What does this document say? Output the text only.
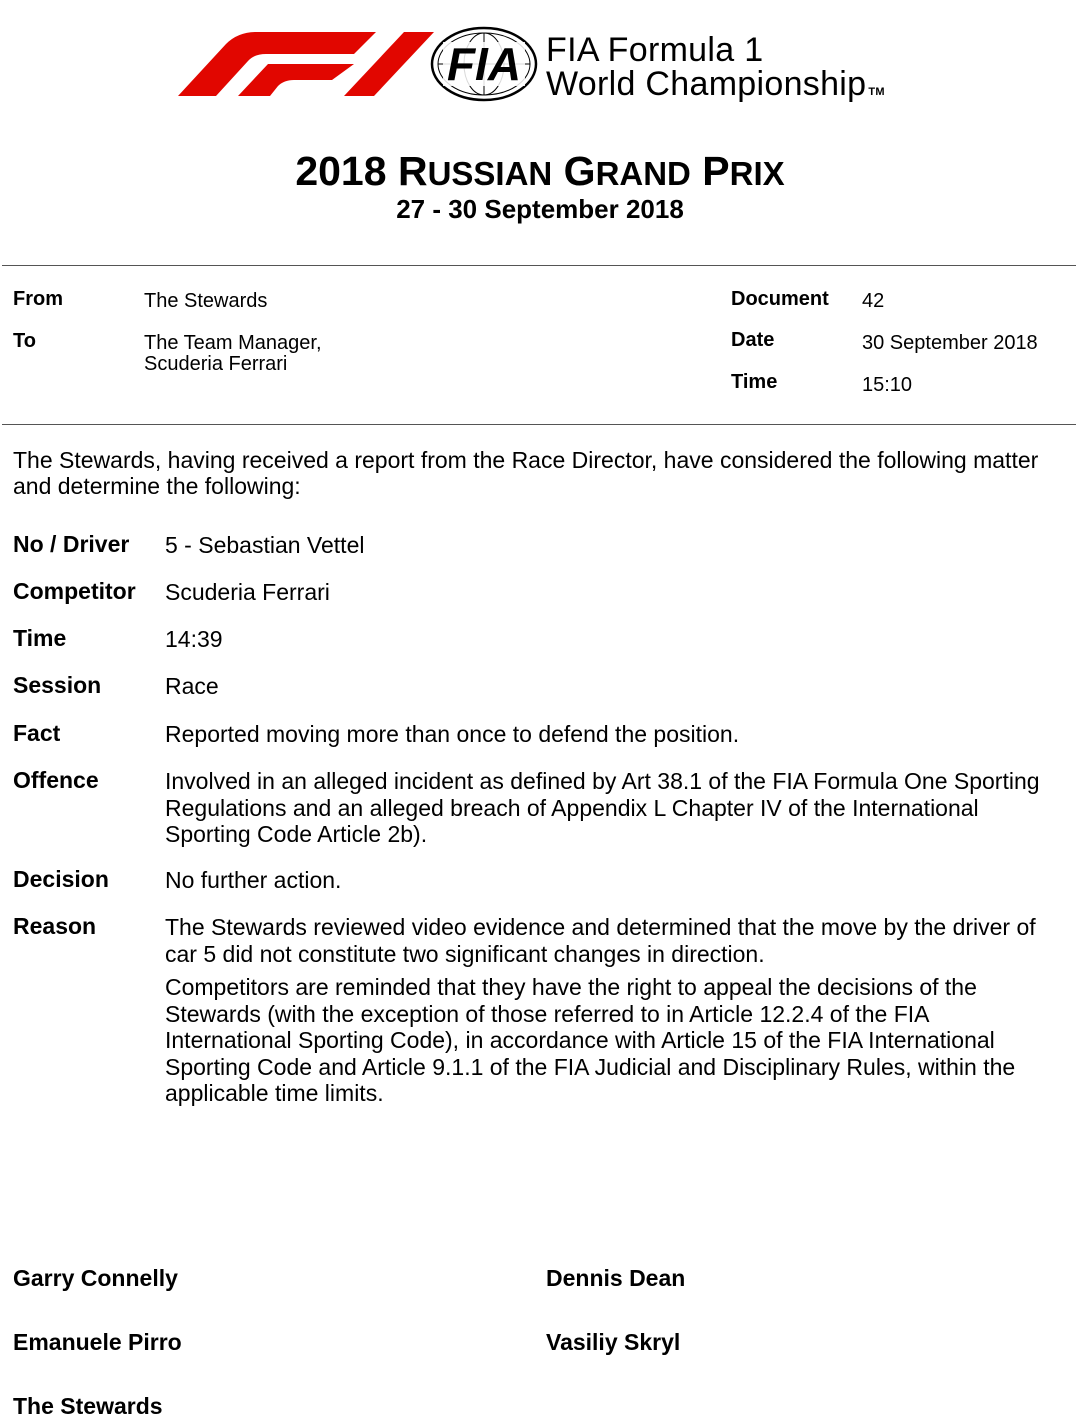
FIA FIA Formula 1
World Championship TM
2018 RUSSIAN GRAND PRIX
27 - 30 September 2018
From	The Stewards
To	The Team Manager,
Scuderia Ferrari
Document 42
Date	30 September 2018
Time	15:10
The Stewards, having received a report from the Race Director, have considered the following matter and determine the following:
No / Driver 5 - Sebastian Vettel
Competitor Scuderia Ferrari
Time	14:39
Session	Race
Fact	Reported moving more than once to defend the position.
Offence	Involved in an alleged incident as defined by Art 38.1 of the FIA Formula One Sporting
Regulations and an alleged breach of Appendix L Chapter IV of the International
Sporting Code Article 2b).
Decision No further action.
Reason	The Stewards reviewed video evidence and determined that the move by the driver of
car 5 did not constitute two significant changes in direction.
Competitors are reminded that they have the right to appeal the decisions of the
Stewards (with the exception of those referred to in Article 12.2.4 of the FIA
International Sporting Code), in accordance with Article 15 of the FIA International
Sporting Code and Article 9.1.1 of the FIA Judicial and Disciplinary Rules, within the
applicable time limits.
Garry Connelly	Dennis Dean
Emanuele Pirro	Vasiliy Skryl
The Stewards
